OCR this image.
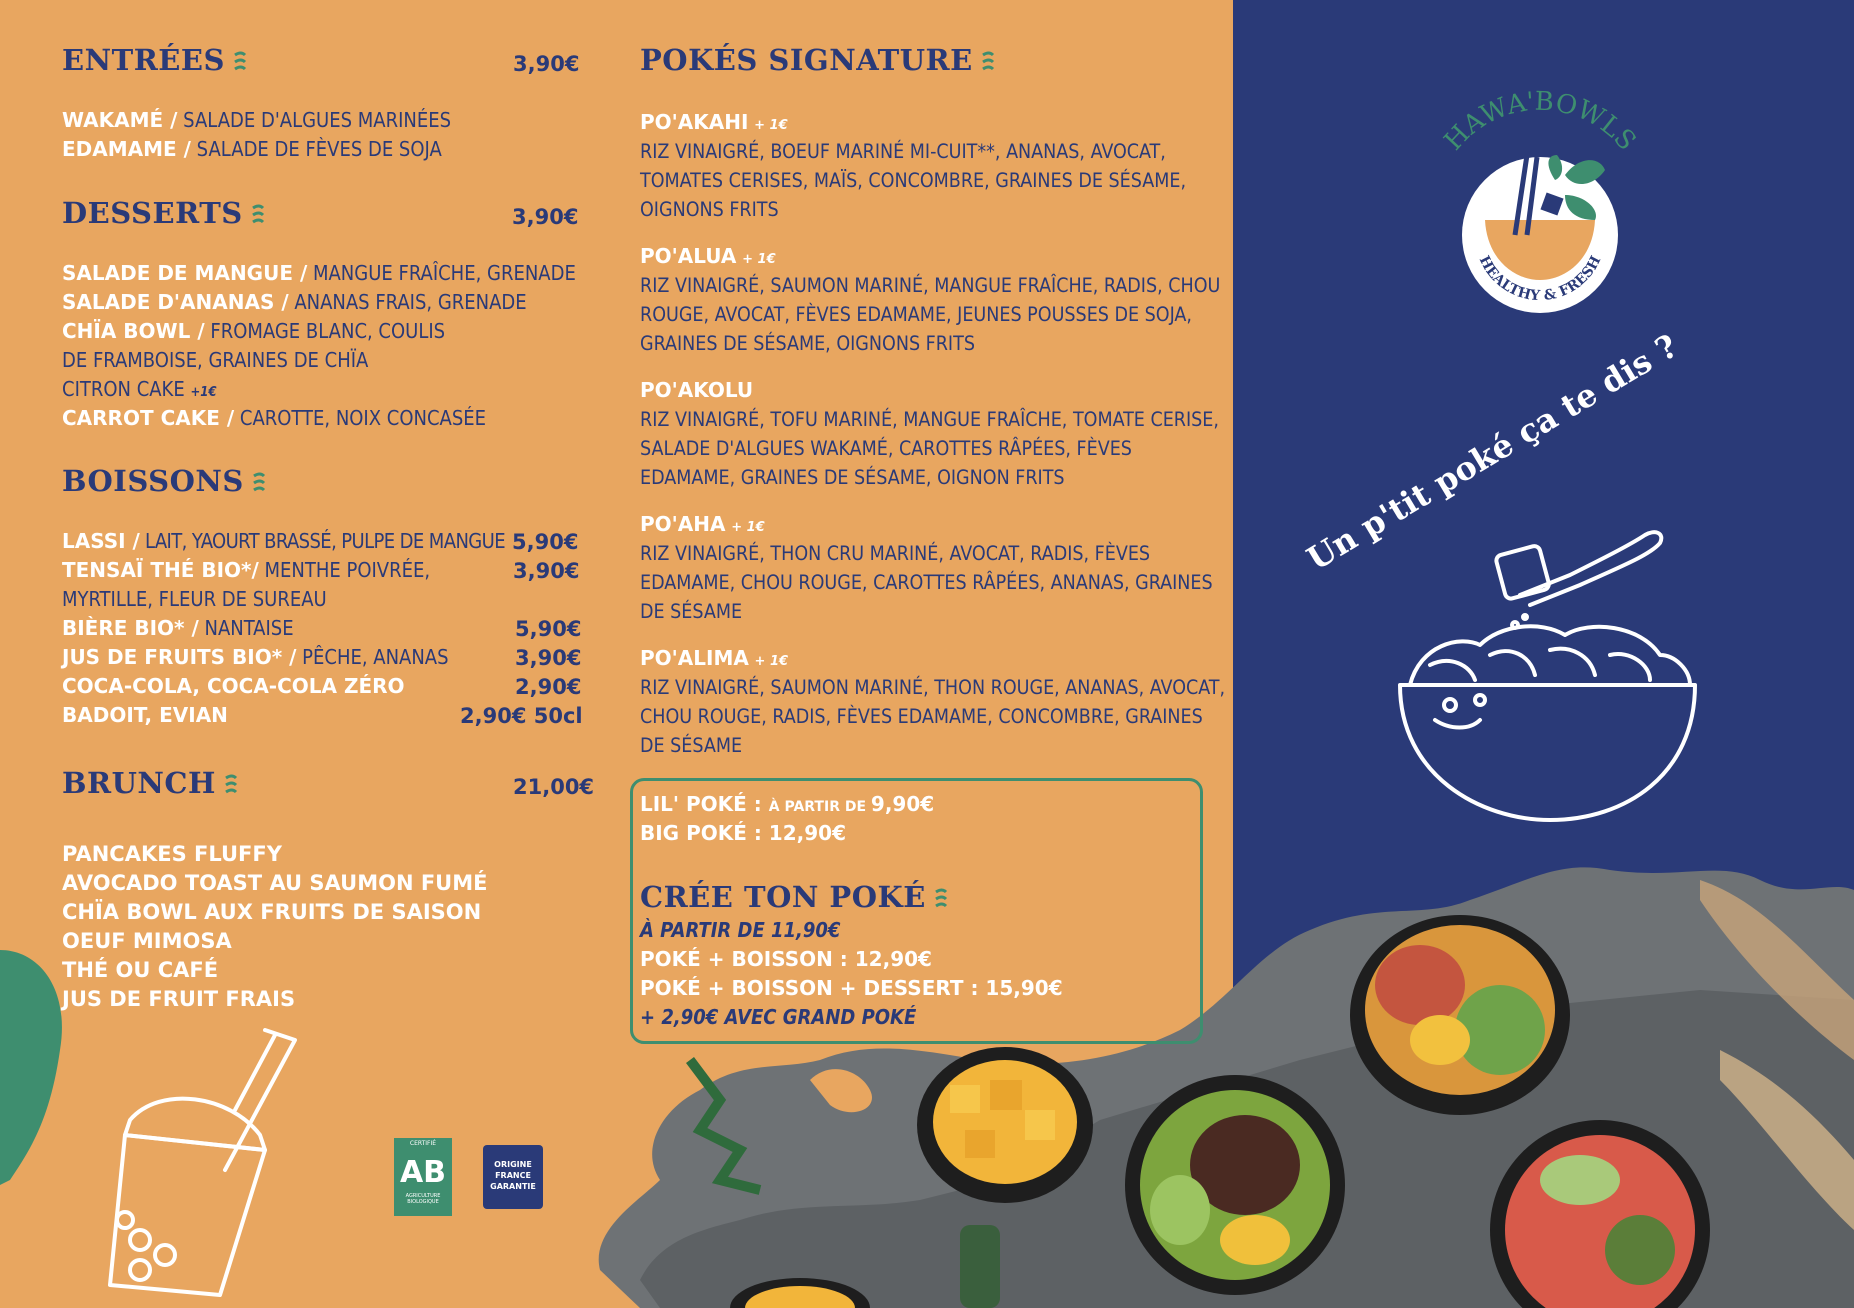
ENTRÉES	3,90€
WAKAMÉ / SALADE D'ALGUES MARINÉES
EDAMAME / SALADE DE FÈVES DE SOJA
DESSERTS	3,90€
SALADE DE MANGUE / MANGUE FRAÎCHE, GRENADE
SALADE D'ANANAS / ANANAS FRAIS, GRENADE
CHÏA BOWL / FROMAGE BLANC, COULIS
DE FRAMBOISE, GRAINES DE CHÏA
CITRON CAKE +1€
CARROT CAKE / CAROTTE, NOIX CONCASÉE
BOISSONS
LASSI / LAIT, YAOURT BRASSÉ, PULPE DE MANGUE 5,90€
TENSAÏ THÉ BIO*/ MENTHE POIVRÉE,	3,90€
MYRTILLE, FLEUR DE SUREAU
BIÈRE BIO* / NANTAISE	5,90€
JUS DE FRUITS BIO* / PÊCHE, ANANAS	3,90€
COCA-COLA, COCA-COLA ZÉRO	2,90€
BADOIT, EVIAN	2,90€ 50cl
BRUNCH	21,00€
PANCAKES FLUFFY
AVOCADO TOAST AU SAUMON FUMÉ
CHÏA BOWL AUX FRUITS DE SAISON
OEUF MIMOSA
THÉ OU CAFÉ
JUS DE FRUIT FRAIS
CERTIFIÉ
AB
AGRICULTURE BIOLOGIQUE
ORIGINE FRANCE GARANTIE
POKÉS SIGNATURE
PO'AKAHI + 1€
RIZ VINAIGRÉ, BOEUF MARINÉ MI-CUIT**, ANANAS, AVOCAT,
TOMATES CERISES, MAÏS, CONCOMBRE, GRAINES DE SÉSAME,
OIGNONS FRITS
PO'ALUA + 1€
RIZ VINAIGRÉ, SAUMON MARINÉ, MANGUE FRAÎCHE, RADIS, CHOU
ROUGE, AVOCAT, FÈVES EDAMAME, JEUNES POUSSES DE SOJA,
GRAINES DE SÉSAME, OIGNONS FRITS
PO'AKOLU
RIZ VINAIGRÉ, TOFU MARINÉ, MANGUE FRAÎCHE, TOMATE CERISE,
SALADE D'ALGUES WAKAMÉ, CAROTTES RÂPÉES, FÈVES
EDAMAME, GRAINES DE SÉSAME, OIGNON FRITS
PO'AHA + 1€
RIZ VINAIGRÉ, THON CRU MARINÉ, AVOCAT, RADIS, FÈVES
EDAMAME, CHOU ROUGE, CAROTTES RÂPÉES, ANANAS, GRAINES
DE SÉSAME
PO'ALIMA + 1€
RIZ VINAIGRÉ, SAUMON MARINÉ, THON ROUGE, ANANAS, AVOCAT,
CHOU ROUGE, RADIS, FÈVES EDAMAME, CONCOMBRE, GRAINES
DE SÉSAME
LIL' POKÉ : À PARTIR DE 9,90€
BIG POKÉ : 12,90€
CRÉE TON POKÉ
À PARTIR DE 11,90€
POKÉ + BOISSON : 12,90€
POKÉ + BOISSON + DESSERT : 15,90€
+ 2,90€ AVEC GRAND POKÉ
HAWA'BOWLS
HEALTHY & FRESH
Un p'tit poké ça te dis ?
